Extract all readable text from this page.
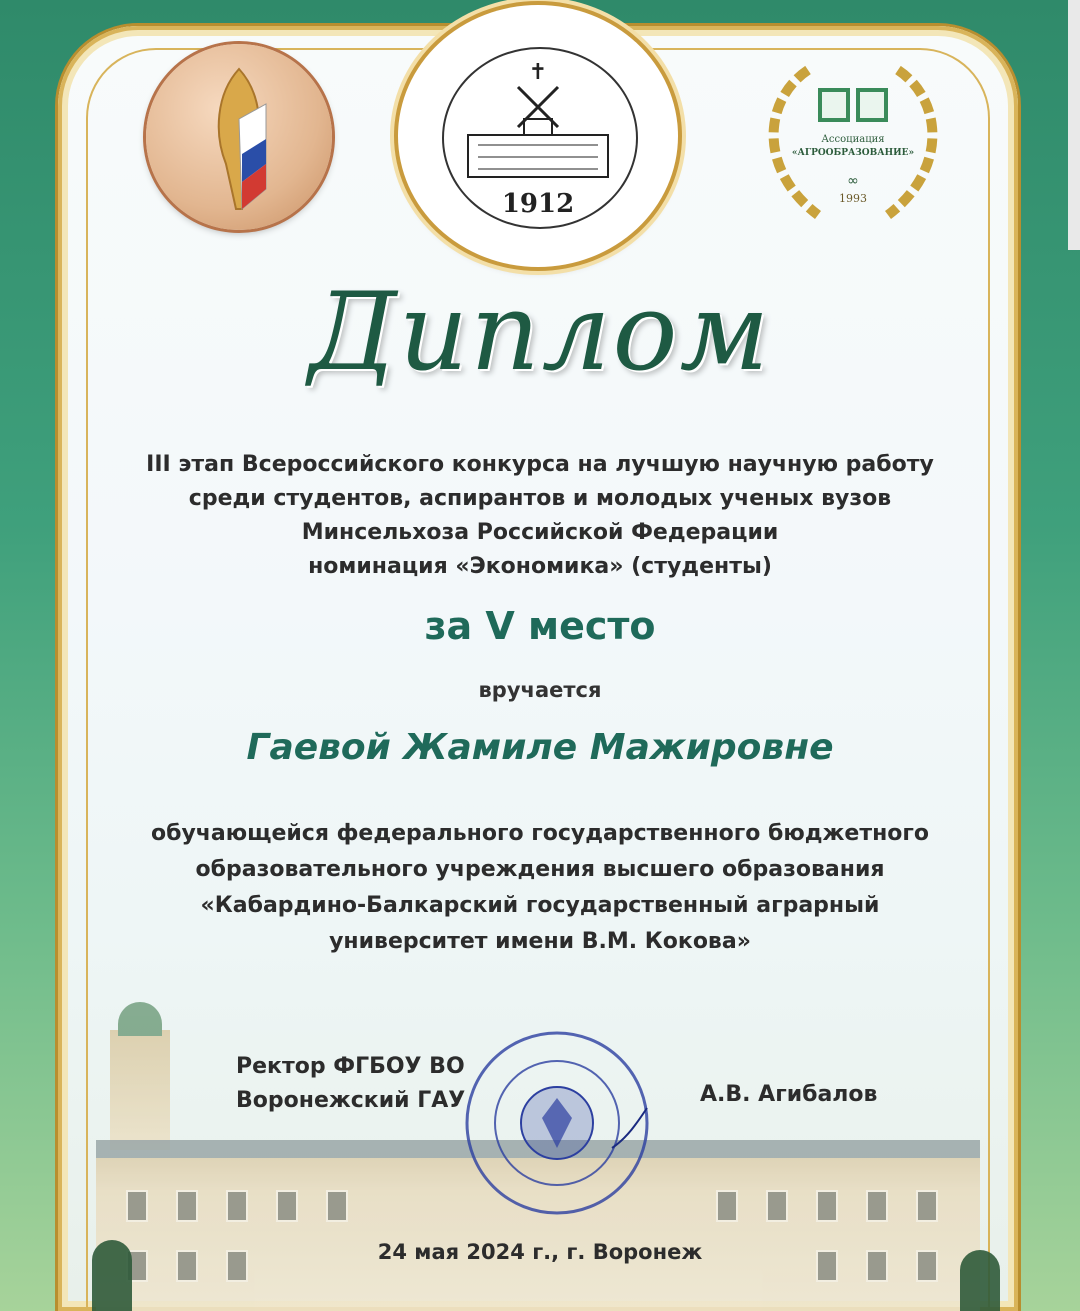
✝
1912
∞
Ассоциация
«АГРООБРАЗОВАНИЕ»
1993
Диплом
III этап Всероссийского конкурса на лучшую научную работу
среди студентов, аспирантов и молодых ученых вузов
Минсельхоза Российской Федерации
номинация «Экономика» (студенты)
за V место
вручается
Гаевой Жамиле Мажировне
обучающейся федерального государственного бюджетного
образовательного учреждения высшего образования
«Кабардино-Балкарский государственный аграрный
университет имени В.М. Кокова»
Ректор ФГБОУ ВО
Воронежский ГАУ	А.В. Агибалов
24 мая 2024 г., г. Воронеж
